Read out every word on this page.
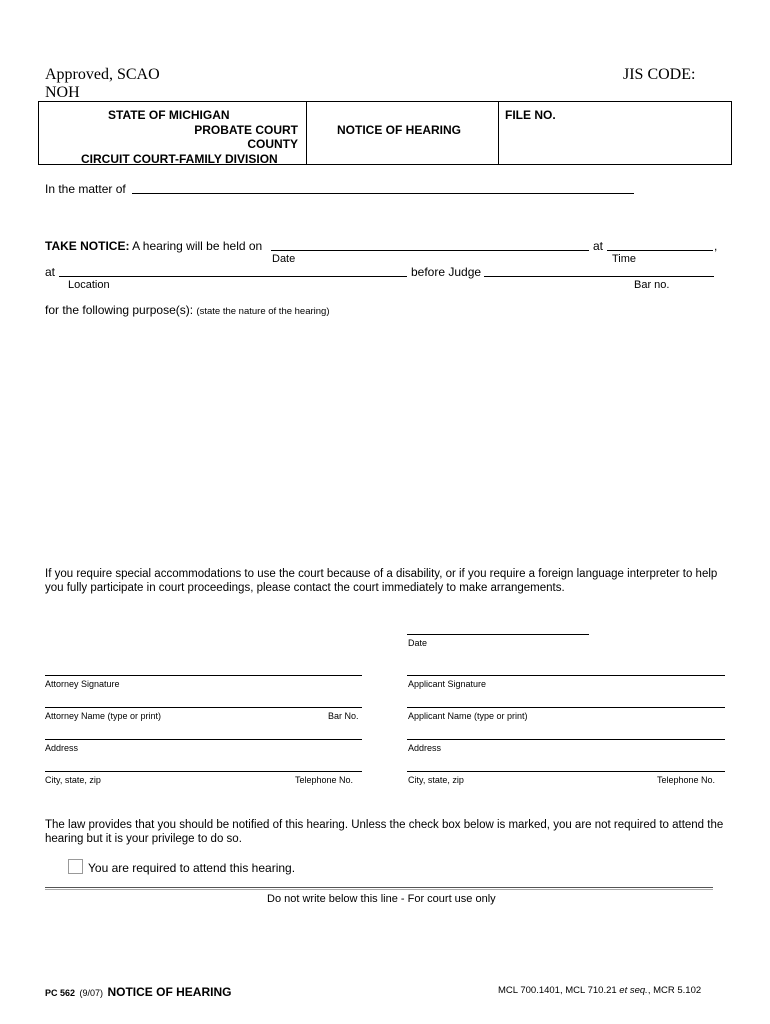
Approved, SCAO
NOH
JIS CODE:
STATE OF MICHIGAN
PROBATE COURT
COUNTY
CIRCUIT COURT-FAMILY DIVISION
NOTICE OF HEARING
FILE NO.
In the matter of
TAKE NOTICE: A hearing will be held on	at	,
Date	Time
at	before Judge
Location	Bar no.
for the following purpose(s): (state the nature of the hearing)
If you require special accommodations to use the court because of a disability, or if you require a foreign language interpreter to help you fully participate in court proceedings, please contact the court immediately to make arrangements.
Date
Attorney Signature	Applicant Signature
Attorney Name (type or print)	Bar No.	Applicant Name (type or print)
Address	Address
City, state, zip	Telephone No.	City, state, zip	Telephone No.
The law provides that you should be notified of this hearing. Unless the check box below is marked, you are not required to attend the hearing but it is your privilege to do so.
You are required to attend this hearing.
Do not write below this line - For court use only
PC 562 (9/07) NOTICE OF HEARING	MCL 700.1401, MCL 710.21 et seq., MCR 5.102
